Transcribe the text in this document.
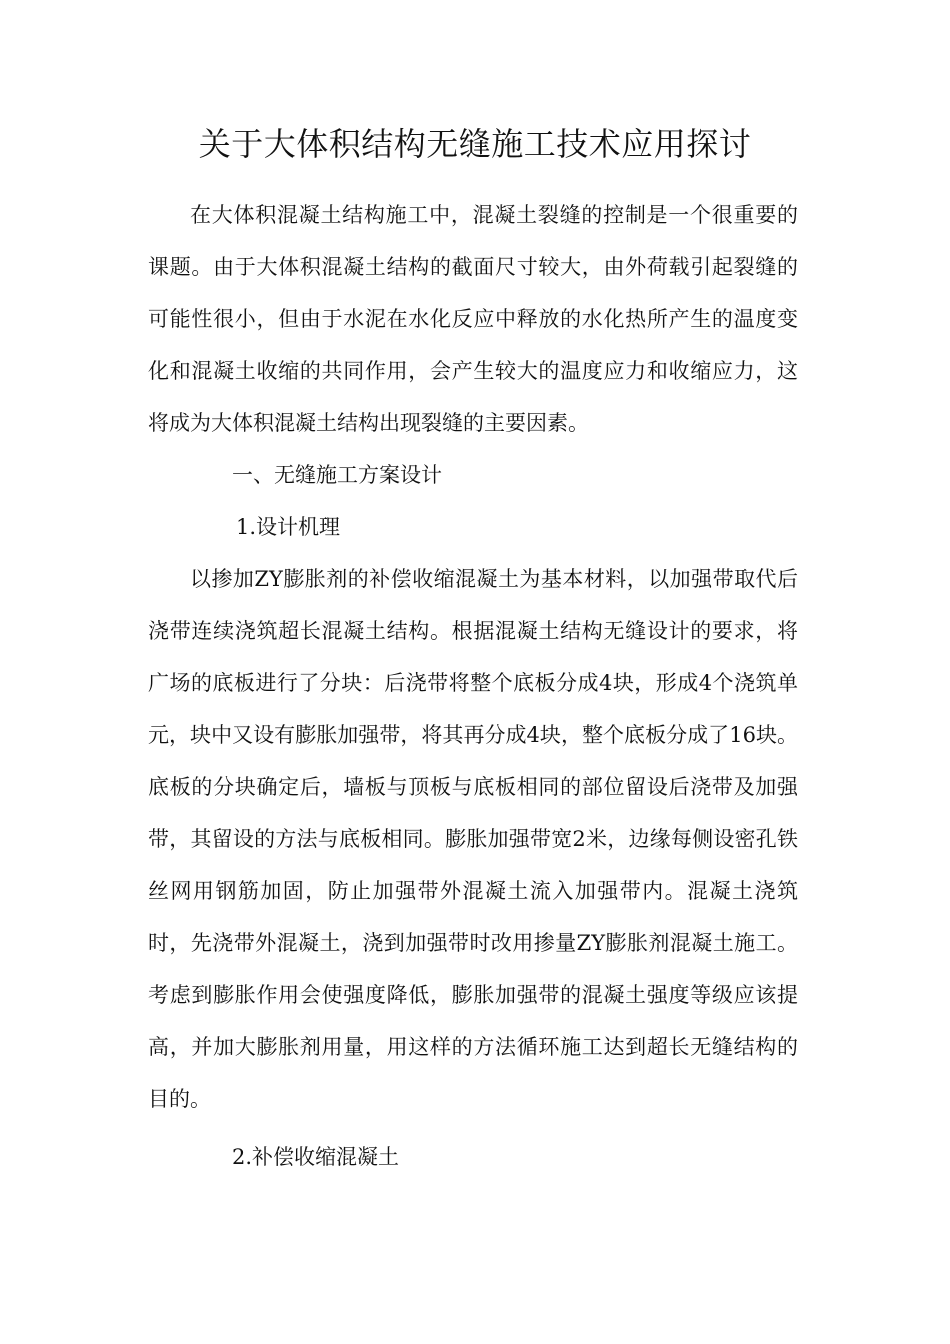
关于大体积结构无缝施工技术应用探讨

在大体积混凝土结构施工中，混凝土裂缝的控制是一个很重要的课题。由于大体积混凝土结构的截面尺寸较大，由外荷载引起裂缝的可能性很小，但由于水泥在水化反应中释放的水化热所产生的温度变化和混凝土收缩的共同作用，会产生较大的温度应力和收缩应力，这将成为大体积混凝土结构出现裂缝的主要因素。

一、无缝施工方案设计

1.设计机理

以掺加ZY膨胀剂的补偿收缩混凝土为基本材料，以加强带取代后浇带连续浇筑超长混凝土结构。根据混凝土结构无缝设计的要求，将广场的底板进行了分块：后浇带将整个底板分成4块，形成4个浇筑单元，块中又设有膨胀加强带，将其再分成4块，整个底板分成了16块。底板的分块确定后，墙板与顶板与底板相同的部位留设后浇带及加强带，其留设的方法与底板相同。膨胀加强带宽2米，边缘每侧设密孔铁丝网用钢筋加固，防止加强带外混凝土流入加强带内。混凝土浇筑时，先浇带外混凝土，浇到加强带时改用掺量ZY膨胀剂混凝土施工。考虑到膨胀作用会使强度降低，膨胀加强带的混凝土强度等级应该提高，并加大膨胀剂用量，用这样的方法循环施工达到超长无缝结构的目的。

2.补偿收缩混凝土
